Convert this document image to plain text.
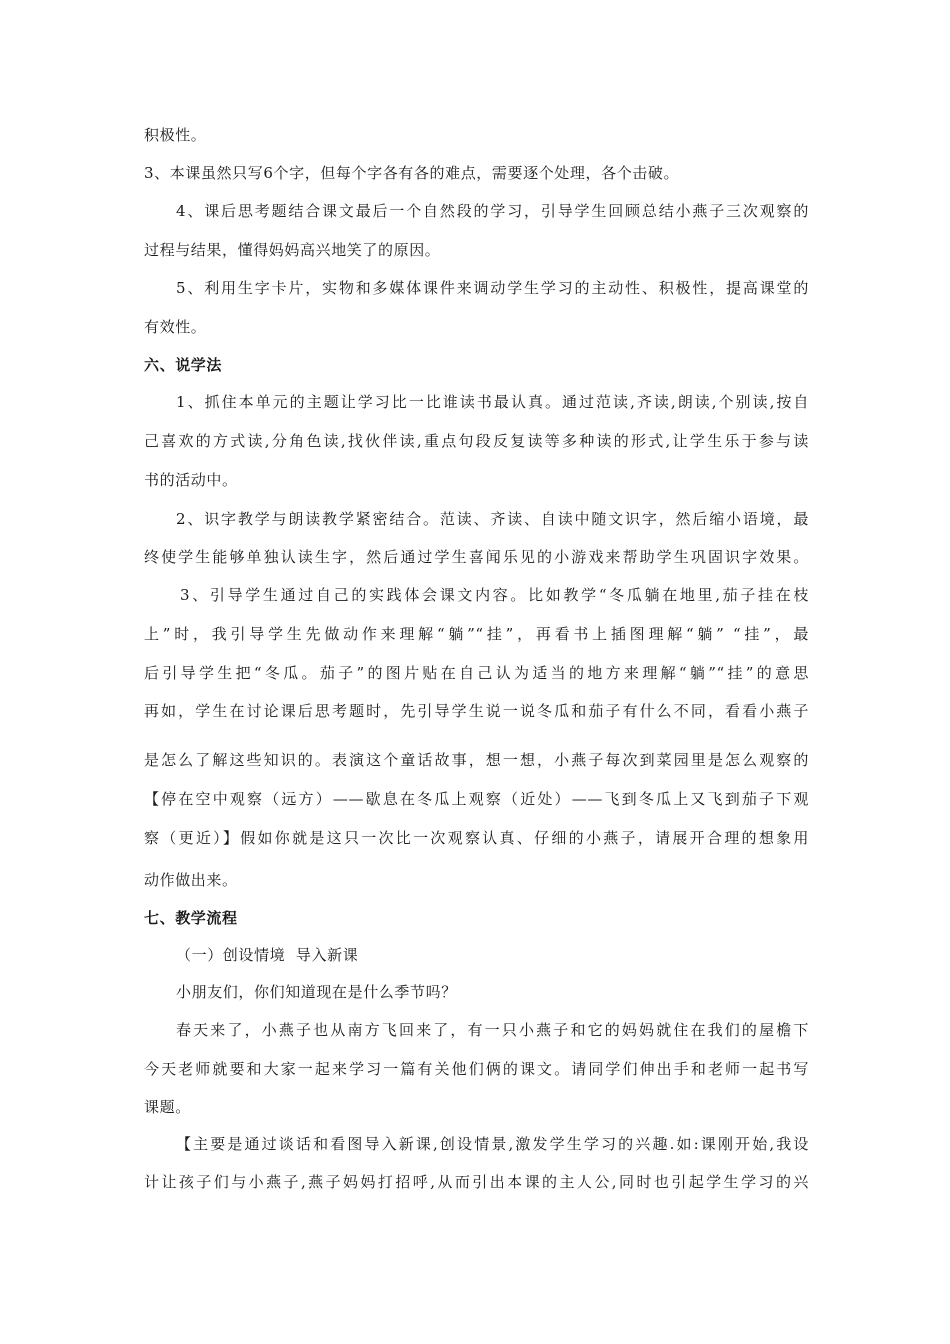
积极性。
3、本课虽然只写6个字，但每个字各有各的难点，需要逐个处理，各个击破。
4、课后思考题结合课文最后一个自然段的学习，引导学生回顾总结小燕子三次观察的
过程与结果，懂得妈妈高兴地笑了的原因。
5、利用生字卡片，实物和多媒体课件来调动学生学习的主动性、积极性，提高课堂的
有效性。
六、说学法
1、抓住本单元的主题让学习比一比谁读书最认真。通过范读,齐读,朗读,个别读,按自
己喜欢的方式读,分角色读,找伙伴读,重点句段反复读等多种读的形式,让学生乐于参与读
书的活动中。
2、识字教学与朗读教学紧密结合。范读、齐读、自读中随文识字，然后缩小语境，最
终使学生能够单独认读生字，然后通过学生喜闻乐见的小游戏来帮助学生巩固识字效果。
3、引导学生通过自己的实践体会课文内容。比如教学“冬瓜躺在地里,茄子挂在枝
上”时，我引导学生先做动作来理解“躺”“挂”，再看书上插图理解“躺” “挂”，最
后引导学生把“冬瓜。茄子”的图片贴在自己认为适当的地方来理解“躺”“挂”的意思
再如，学生在讨论课后思考题时，先引导学生说一说冬瓜和茄子有什么不同，看看小燕子
是怎么了解这些知识的。表演这个童话故事，想一想，小燕子每次到菜园里是怎么观察的
【停在空中观察（远方）——歇息在冬瓜上观察（近处）——飞到冬瓜上又飞到茄子下观
察（更近）】假如你就是这只一次比一次观察认真、仔细的小燕子，请展开合理的想象用
动作做出来。
七、教学流程
（一）创设情境  导入新课
小朋友们，你们知道现在是什么季节吗？
春天来了，小燕子也从南方飞回来了，有一只小燕子和它的妈妈就住在我们的屋檐下
今天老师就要和大家一起来学习一篇有关他们俩的课文。请同学们伸出手和老师一起书写
课题。
【主要是通过谈话和看图导入新课,创设情景,激发学生学习的兴趣.如:课刚开始,我设
计让孩子们与小燕子,燕子妈妈打招呼,从而引出本课的主人公,同时也引起学生学习的兴
